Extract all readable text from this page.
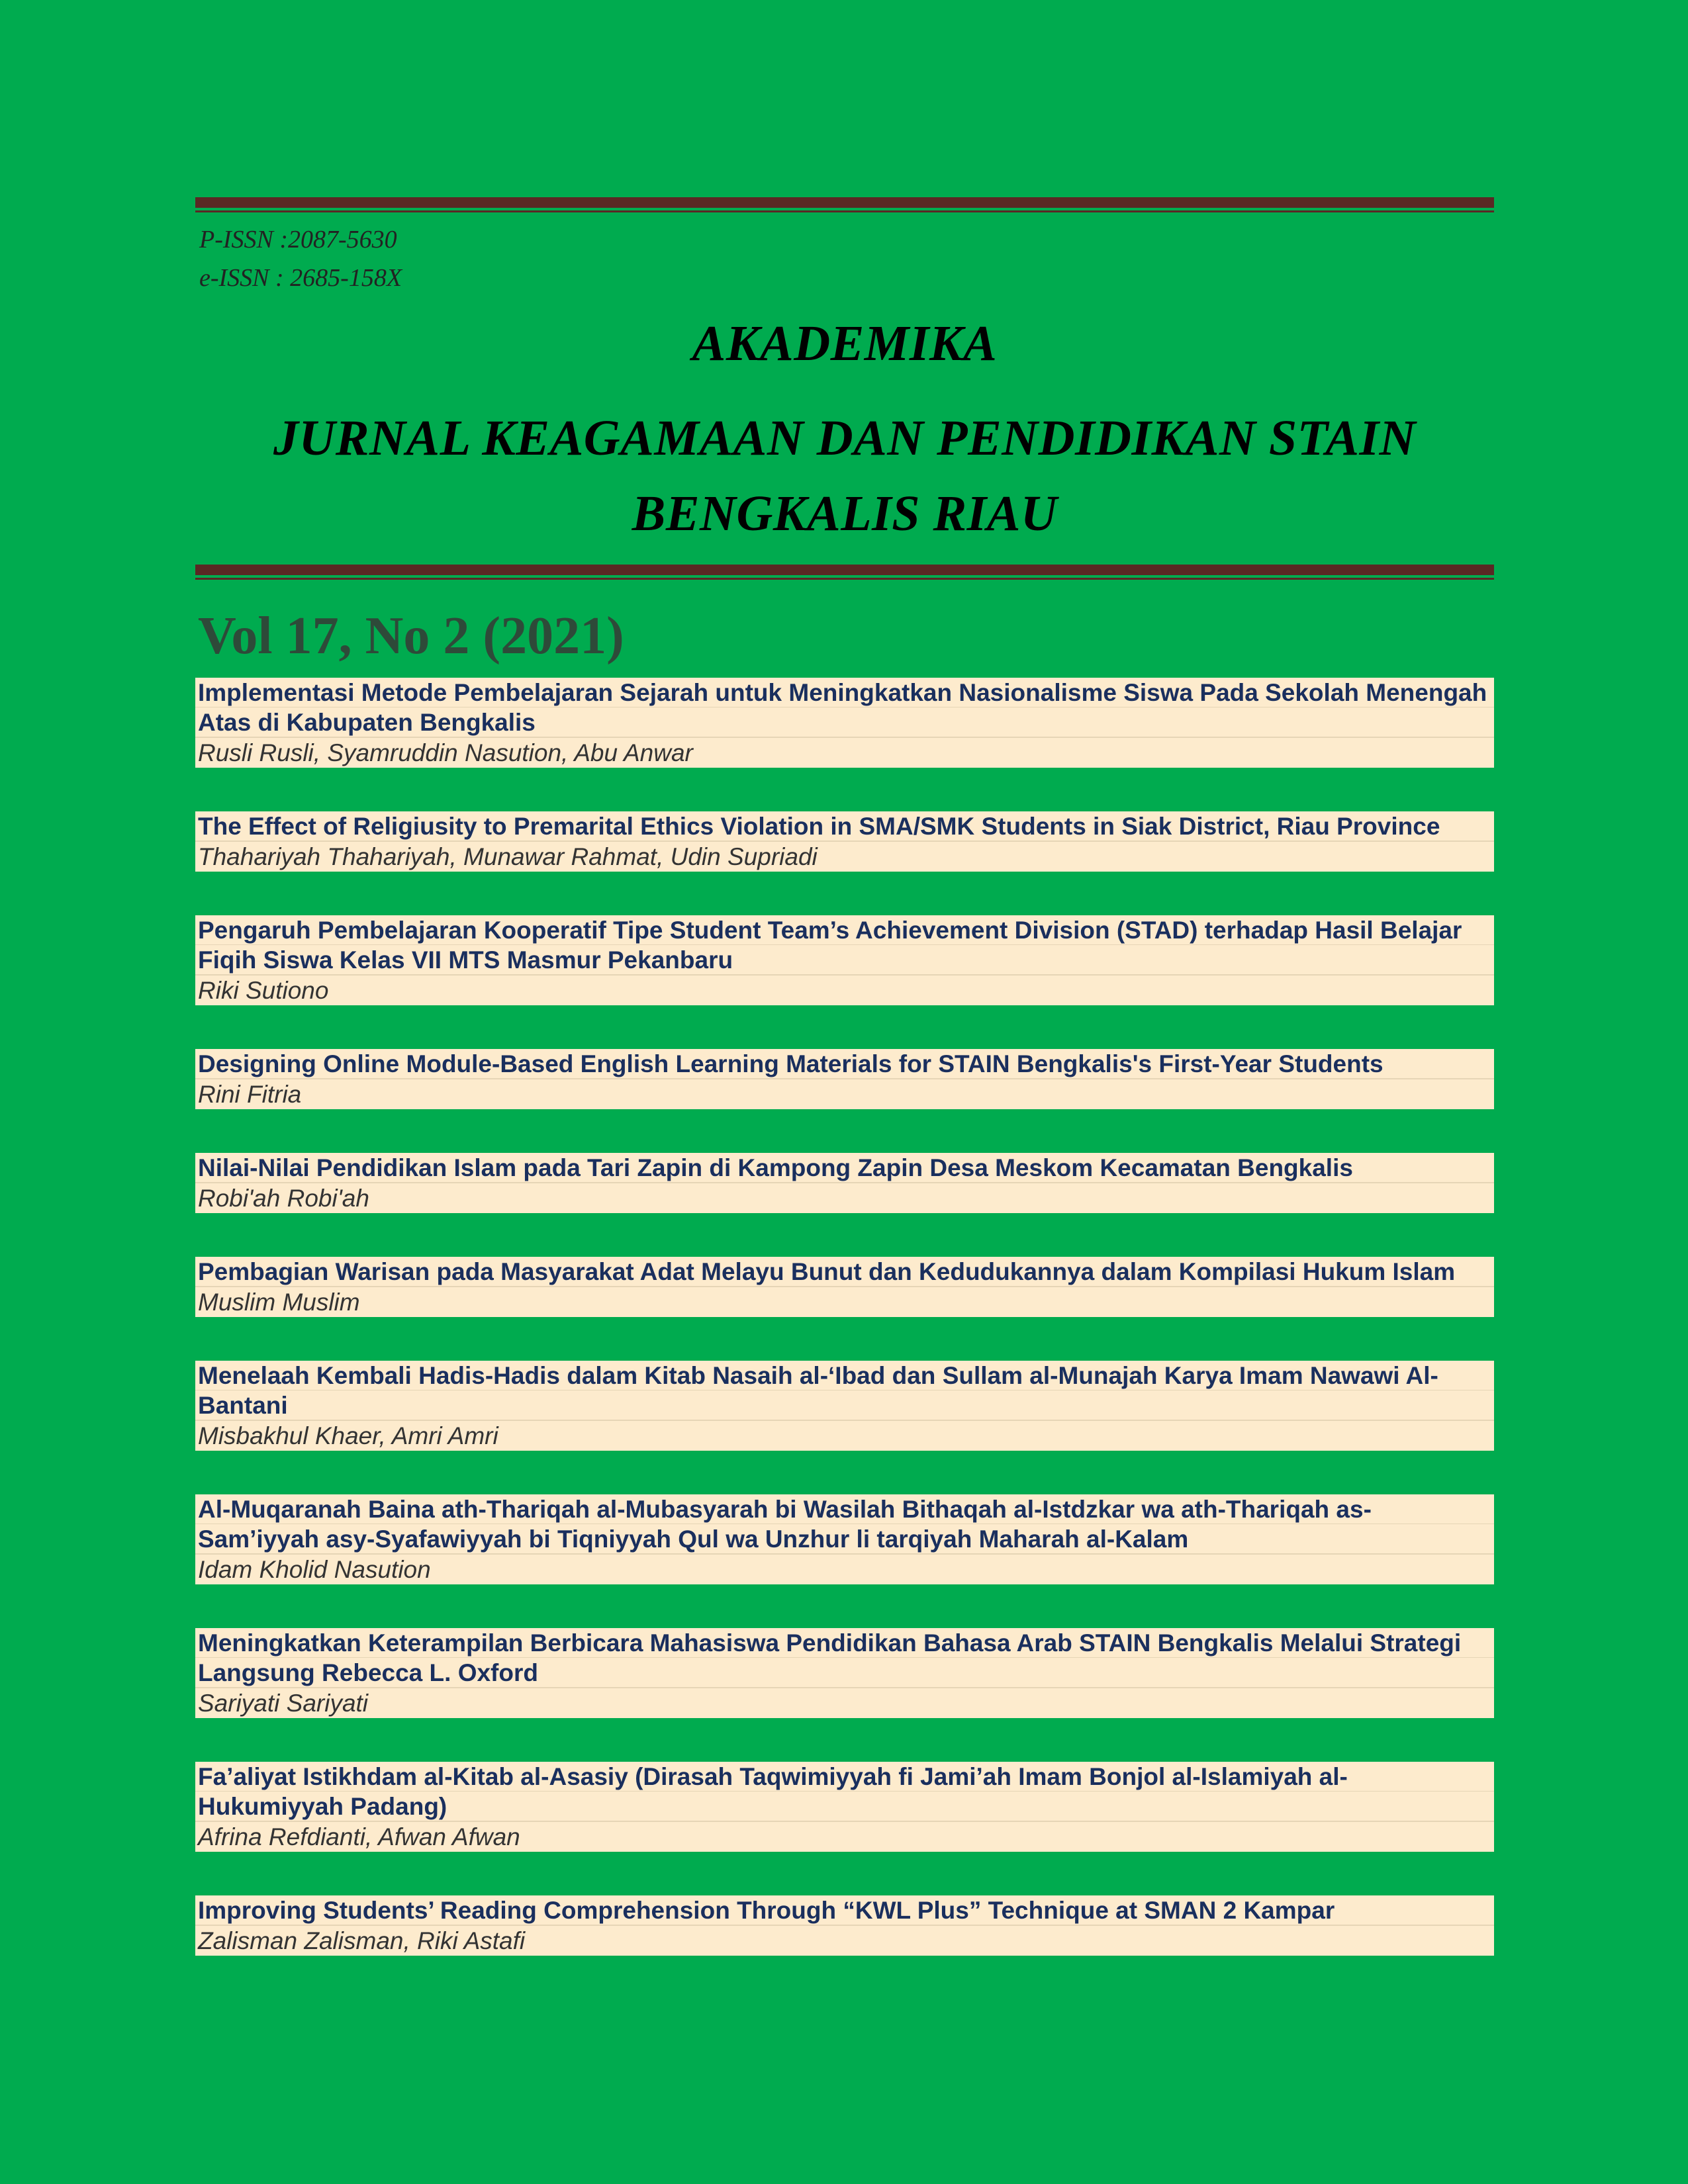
P-ISSN :2087-5630
e-ISSN : 2685-158X
AKADEMIKA
JURNAL KEAGAMAAN DAN PENDIDIKAN STAIN BENGKALIS RIAU
Vol 17, No 2 (2021)
Implementasi Metode Pembelajaran Sejarah untuk Meningkatkan Nasionalisme Siswa Pada Sekolah Menengah Atas di Kabupaten Bengkalis
Rusli Rusli, Syamruddin Nasution, Abu Anwar
The Effect of Religiusity to Premarital Ethics Violation in SMA/SMK Students in Siak District, Riau Province
Thahariyah Thahariyah, Munawar Rahmat, Udin Supriadi
Pengaruh Pembelajaran Kooperatif Tipe Student Team’s Achievement Division (STAD) terhadap Hasil Belajar Fiqih Siswa Kelas VII MTS Masmur Pekanbaru
Riki Sutiono
Designing Online Module-Based English Learning Materials for STAIN Bengkalis's First-Year Students
Rini Fitria
Nilai-Nilai Pendidikan Islam pada Tari Zapin di Kampong Zapin Desa Meskom Kecamatan Bengkalis
Robi'ah Robi'ah
Pembagian Warisan pada Masyarakat Adat Melayu Bunut dan Kedudukannya dalam Kompilasi Hukum Islam
Muslim Muslim
Menelaah Kembali Hadis-Hadis dalam Kitab Nasaih al-‘Ibad dan Sullam al-Munajah Karya Imam Nawawi Al-Bantani
Misbakhul Khaer, Amri Amri
Al-Muqaranah Baina ath-Thariqah al-Mubasyarah bi Wasilah Bithaqah al-Istdzkar wa ath-Thariqah as-Sam’iyyah asy-Syafawiyyah bi Tiqniyyah Qul wa Unzhur li tarqiyah Maharah al-Kalam
Idam Kholid Nasution
Meningkatkan Keterampilan Berbicara Mahasiswa Pendidikan Bahasa Arab STAIN Bengkalis Melalui Strategi Langsung Rebecca L. Oxford
Sariyati Sariyati
Fa’aliyat Istikhdam al-Kitab al-Asasiy (Dirasah Taqwimiyyah fi Jami’ah Imam Bonjol al-Islamiyah al-Hukumiyyah Padang)
Afrina Refdianti, Afwan Afwan
Improving Students’ Reading Comprehension Through “KWL Plus” Technique at SMAN 2 Kampar
Zalisman Zalisman, Riki Astafi
